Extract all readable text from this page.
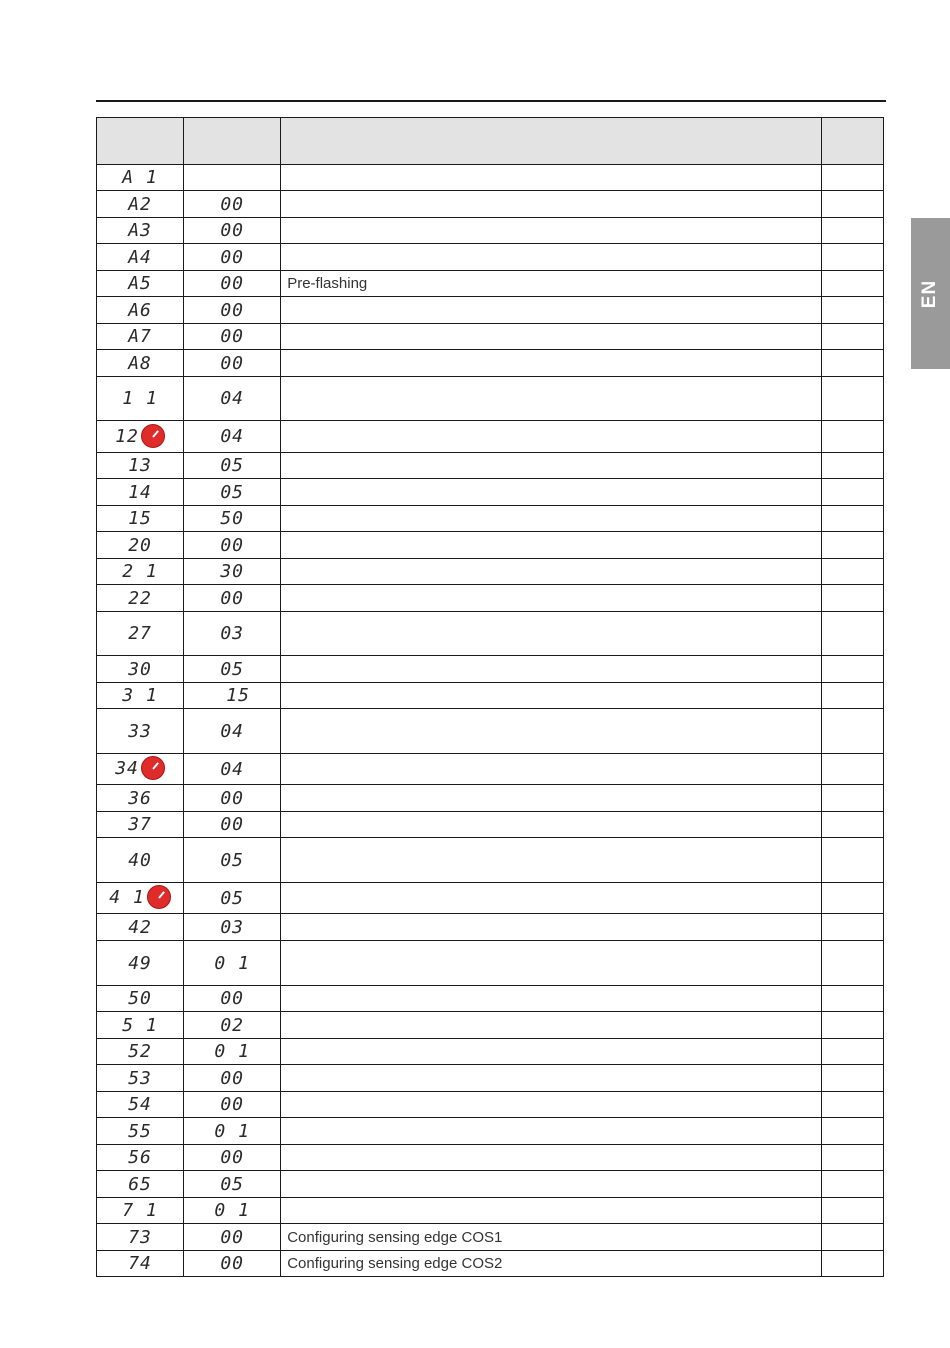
EN

A 1			
A2	00		
A3	00		
A4	00		
A5	00	Pre-flashing	
A6	00		
A7	00		
A8	00		
1 1	04		
12	04		
13	05		
14	05		
15	50		
20	00		
2 1	30		
22	00		
27	03		
30	05		
3 1	15		
33	04		
34	04		
36	00		
37	00		
40	05		
4 1	05		
42	03		
49	0 1		
50	00		
5 1	02		
52	0 1		
53	00		
54	00		
55	0 1		
56	00		
65	05		
7 1	0 1		
73	00	Configuring sensing edge COS1	
74	00	Configuring sensing edge COS2	
